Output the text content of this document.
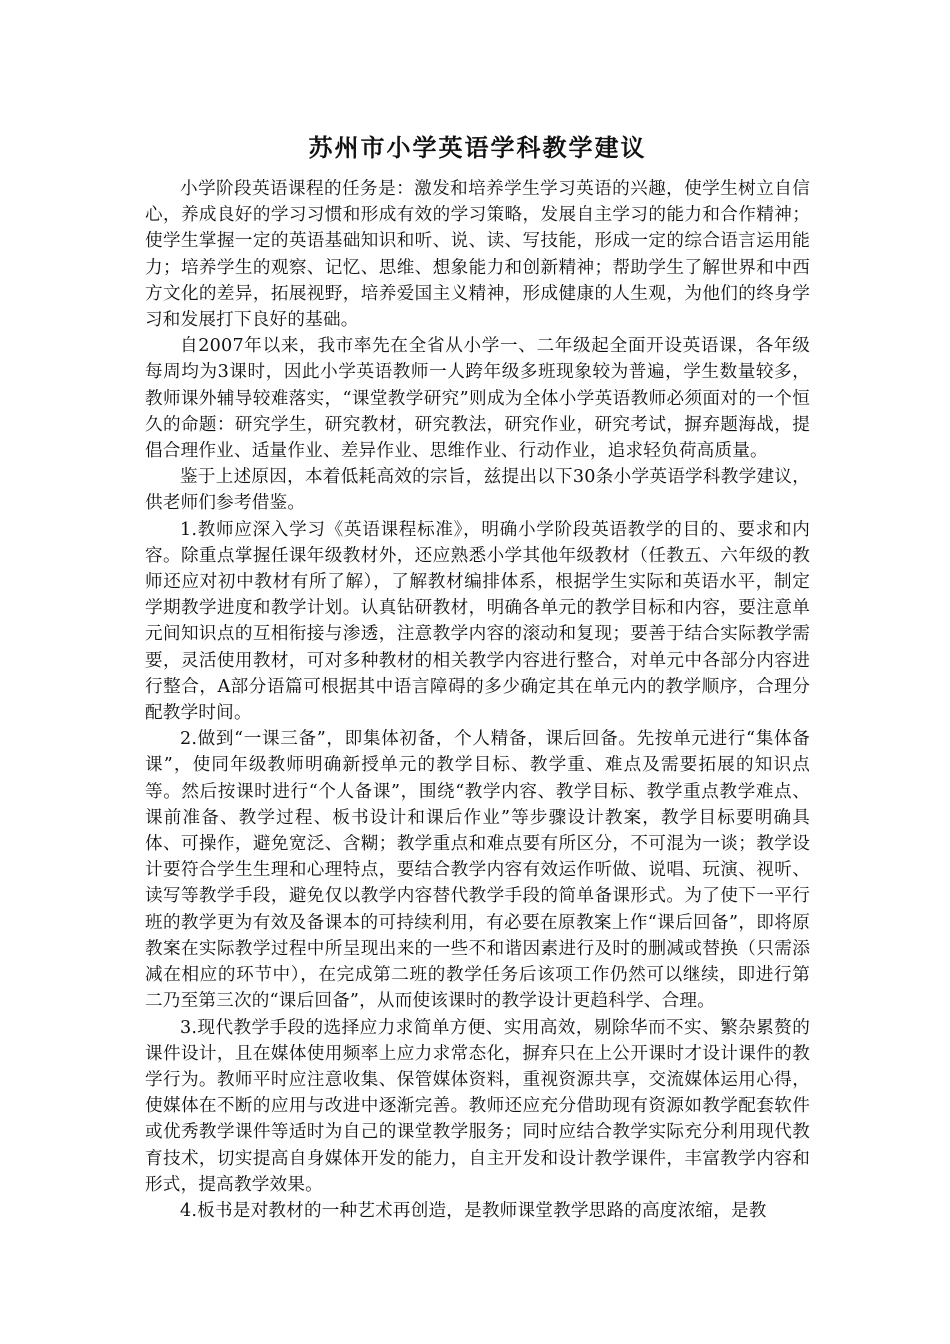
苏州市小学英语学科教学建议

小学阶段英语课程的任务是：激发和培养学生学习英语的兴趣，使学生树立自信心，养成良好的学习习惯和形成有效的学习策略，发展自主学习的能力和合作精神；使学生掌握一定的英语基础知识和听、说、读、写技能，形成一定的综合语言运用能力；培养学生的观察、记忆、思维、想象能力和创新精神；帮助学生了解世界和中西方文化的差异，拓展视野，培养爱国主义精神，形成健康的人生观，为他们的终身学习和发展打下良好的基础。

自2007年以来，我市率先在全省从小学一、二年级起全面开设英语课，各年级每周均为3课时，因此小学英语教师一人跨年级多班现象较为普遍，学生数量较多，教师课外辅导较难落实，“课堂教学研究”则成为全体小学英语教师必须面对的一个恒久的命题：研究学生，研究教材，研究教法，研究作业，研究考试，摒弃题海战，提倡合理作业、适量作业、差异作业、思维作业、行动作业，追求轻负荷高质量。

鉴于上述原因，本着低耗高效的宗旨，兹提出以下30条小学英语学科教学建议，供老师们参考借鉴。

1.教师应深入学习《英语课程标准》，明确小学阶段英语教学的目的、要求和内容。除重点掌握任课年级教材外，还应熟悉小学其他年级教材（任教五、六年级的教师还应对初中教材有所了解），了解教材编排体系，根据学生实际和英语水平，制定学期教学进度和教学计划。认真钻研教材，明确各单元的教学目标和内容，要注意单元间知识点的互相衔接与渗透，注意教学内容的滚动和复现；要善于结合实际教学需要，灵活使用教材，可对多种教材的相关教学内容进行整合，对单元中各部分内容进行整合，A部分语篇可根据其中语言障碍的多少确定其在单元内的教学顺序，合理分配教学时间。

2.做到“一课三备”，即集体初备，个人精备，课后回备。先按单元进行“集体备课”，使同年级教师明确新授单元的教学目标、教学重、难点及需要拓展的知识点等。然后按课时进行“个人备课”，围绕“教学内容、教学目标、教学重点教学难点、课前准备、教学过程、板书设计和课后作业”等步骤设计教案，教学目标要明确具体、可操作，避免宽泛、含糊；教学重点和难点要有所区分，不可混为一谈；教学设计要符合学生生理和心理特点，要结合教学内容有效运作听做、说唱、玩演、视听、读写等教学手段，避免仅以教学内容替代教学手段的简单备课形式。为了使下一平行班的教学更为有效及备课本的可持续利用，有必要在原教案上作“课后回备”，即将原教案在实际教学过程中所呈现出来的一些不和谐因素进行及时的删减或替换（只需添减在相应的环节中），在完成第二班的教学任务后该项工作仍然可以继续，即进行第二乃至第三次的“课后回备”，从而使该课时的教学设计更趋科学、合理。

3.现代教学手段的选择应力求简单方便、实用高效，剔除华而不实、繁杂累赘的课件设计，且在媒体使用频率上应力求常态化，摒弃只在上公开课时才设计课件的教学行为。教师平时应注意收集、保管媒体资料，重视资源共享，交流媒体运用心得，使媒体在不断的应用与改进中逐渐完善。教师还应充分借助现有资源如教学配套软件或优秀教学课件等适时为自己的课堂教学服务；同时应结合教学实际充分利用现代教育技术，切实提高自身媒体开发的能力，自主开发和设计教学课件，丰富教学内容和形式，提高教学效果。

4.板书是对教材的一种艺术再创造，是教师课堂教学思路的高度浓缩，是教
